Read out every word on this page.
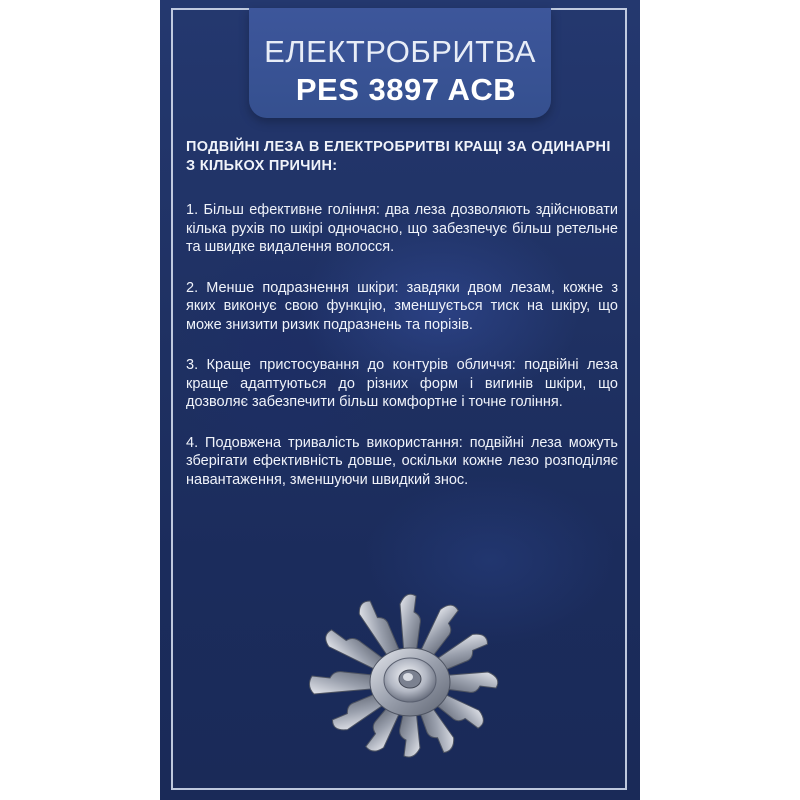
ЕЛЕКТРОБРИТВА
PES 3897 ACB

ПОДВІЙНІ ЛЕЗА В ЕЛЕКТРОБРИТВІ КРАЩІ ЗА ОДИНАРНІ З КІЛЬКОХ ПРИЧИН:

1. Більш ефективне гоління: два леза дозволяють здійснювати кілька рухів по шкірі одночасно, що забезпечує більш ретельне та швидке видалення волосся.

2. Менше подразнення шкіри: завдяки двом лезам, кожне з яких виконує свою функцію, зменшується тиск на шкіру, що може знизити ризик подразнень та порізів.

3. Краще пристосування до контурів обличчя: подвійні леза краще адаптуються до різних форм і вигинів шкіри, що дозволяє забезпечити більш комфортне і точне гоління.

4. Подовжена тривалість використання: подвійні леза можуть зберігати ефективність довше, оскільки кожне лезо розподіляє навантаження, зменшуючи швидкий знос.
